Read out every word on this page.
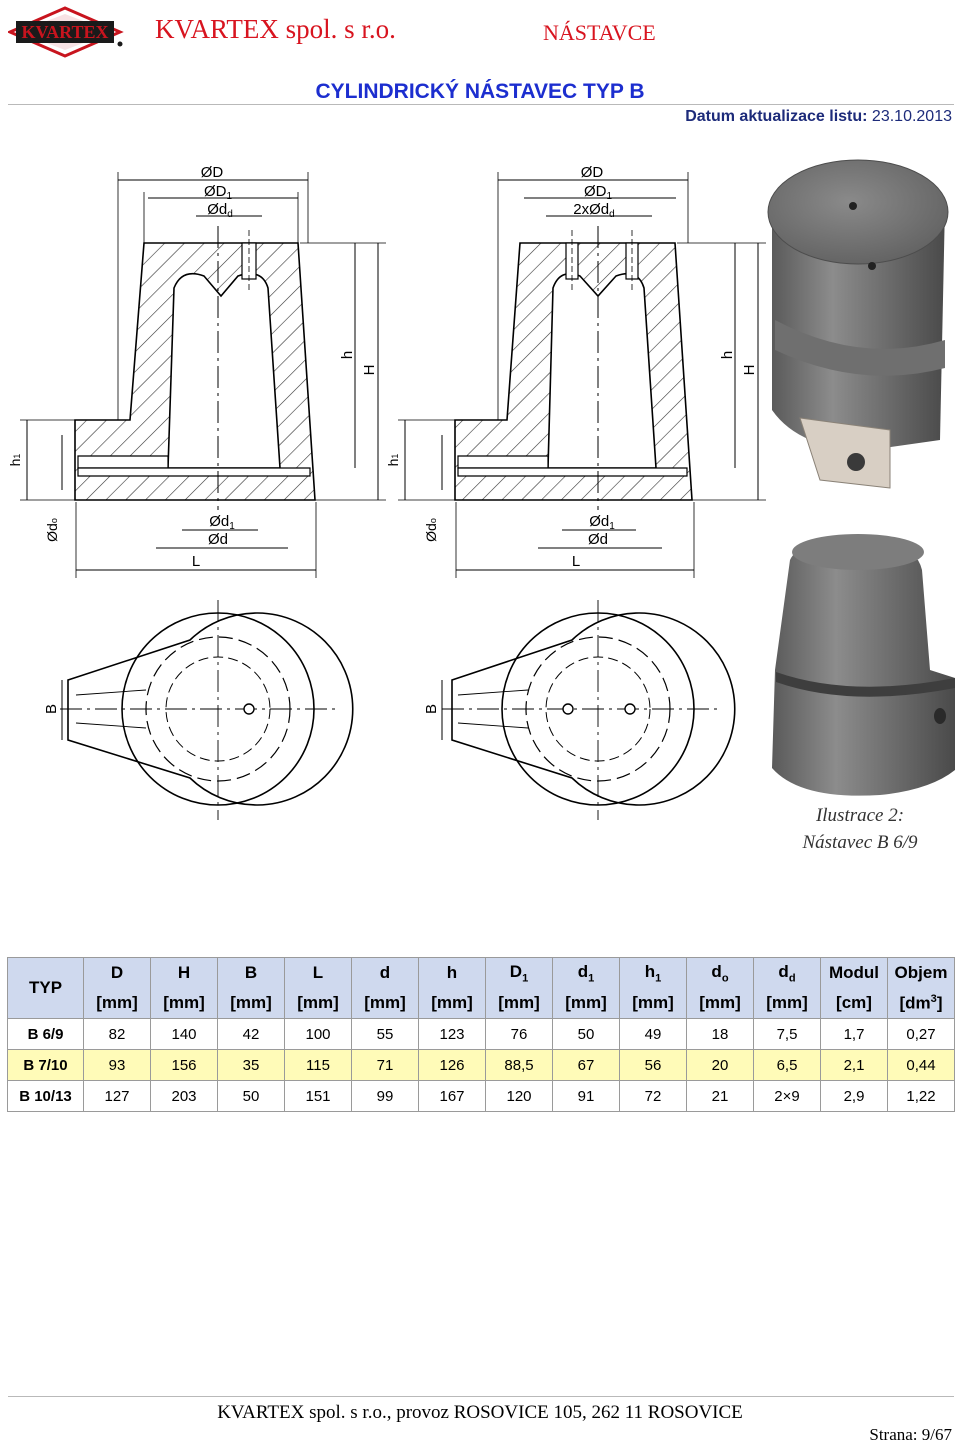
KVARTEX KVARTEX spol. s r.o.	NÁSTAVCE
CYLINDRICKÝ NÁSTAVEC TYP B
Datum aktualizace listu: 23.10.2013
ØD
$ØD_1$
$Ød_d$
h
H
h1
Ødo	$Ød_1$
Ød
L
ØD
$ØD_1$
2xØd$_d$
h
H
h1
Ødo	$Ød_1$
Ød
L
B	B
Ilustrace 2:
Nástavec B 6/9
TYP	D	H	B	L	d	h	$D_1$	$d_1$	$h_1$	$d_o$	$d_d$	Modul	Objem
	[mm]	[mm]	[mm]	[mm]	[mm]	[mm]	[mm]	[mm]	[mm]	[mm]	[mm]	[cm]	$[dm^3]$
B 6/9	82	140	42	100	55	123	76	50	49	18	7,5	1,7	0,27
B 7/10	93	156	35	115	71	126	88,5	67	56	20	6,5	2,1	0,44
B 10/13	127	203	50	151	99	167	120	91	72	21	2×9	2,9	1,22
KVARTEX spol. s r.o., provoz ROSOVICE 105, 262 11 ROSOVICE
Strana: 9/67
